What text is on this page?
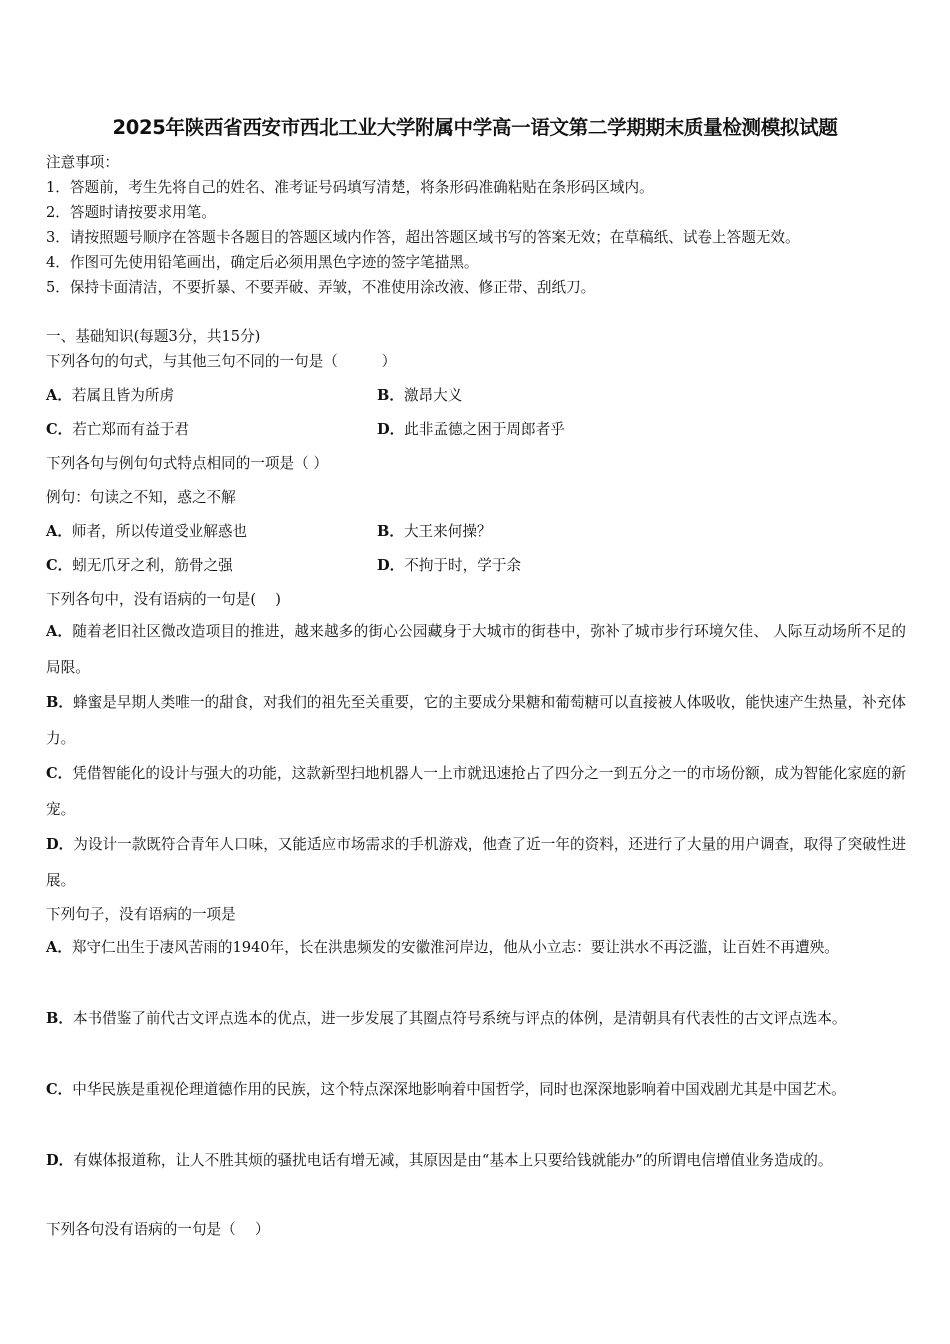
2025年陕西省西安市西北工业大学附属中学高一语文第二学期期末质量检测模拟试题
注意事项：
1．答题前，考生先将自己的姓名、准考证号码填写清楚，将条形码准确粘贴在条形码区域内。
2．答题时请按要求用笔。
3．请按照题号顺序在答题卡各题目的答题区域内作答，超出答题区域书写的答案无效；在草稿纸、试卷上答题无效。
4．作图可先使用铅笔画出，确定后必须用黑色字迹的签字笔描黑。
5．保持卡面清洁，不要折暴、不要弄破、弄皱，不准使用涂改液、修正带、刮纸刀。
一、基础知识(每题3分，共15分)
下列各句的句式，与其他三句不同的一句是（　　　）
A．若属且皆为所虏	B．激昂大义
C．若亡郑而有益于君	D．此非孟德之困于周郎者乎
下列各句与例句句式特点相同的一项是（ ）
例句：句读之不知，惑之不解
A．师者，所以传道受业解惑也	B．大王来何操？
C．蚓无爪牙之利，筋骨之强	D．不拘于时，学于余
下列各句中，没有语病的一句是(　 )
A．随着老旧社区微改造项目的推进，越来越多的街心公园藏身于大城市的街巷中，弥补了城市步行环境欠佳、 人际互动场所不足的局限。
B．蜂蜜是早期人类唯一的甜食，对我们的祖先至关重要，它的主要成分果糖和葡萄糖可以直接被人体吸收，能快速产生热量，补充体力。
C．凭借智能化的设计与强大的功能，这款新型扫地机器人一上市就迅速抢占了四分之一到五分之一的市场份额，成为智能化家庭的新宠。
D．为设计一款既符合青年人口味，又能适应市场需求的手机游戏，他查了近一年的资料，还进行了大量的用户调查，取得了突破性进展。
下列句子，没有语病的一项是
A．郑守仁出生于凄风苦雨的1940年，长在洪患频发的安徽淮河岸边，他从小立志：要让洪水不再泛滥，让百姓不再遭殃。
B．本书借鉴了前代古文评点选本的优点，进一步发展了其圈点符号系统与评点的体例，是清朝具有代表性的古文评点选本。
C．中华民族是重视伦理道德作用的民族，这个特点深深地影响着中国哲学，同时也深深地影响着中国戏剧尤其是中国艺术。
D．有媒体报道称，让人不胜其烦的骚扰电话有增无减，其原因是由“基本上只要给钱就能办”的所谓电信增值业务造成的。
下列各句没有语病的一句是（　 ）
